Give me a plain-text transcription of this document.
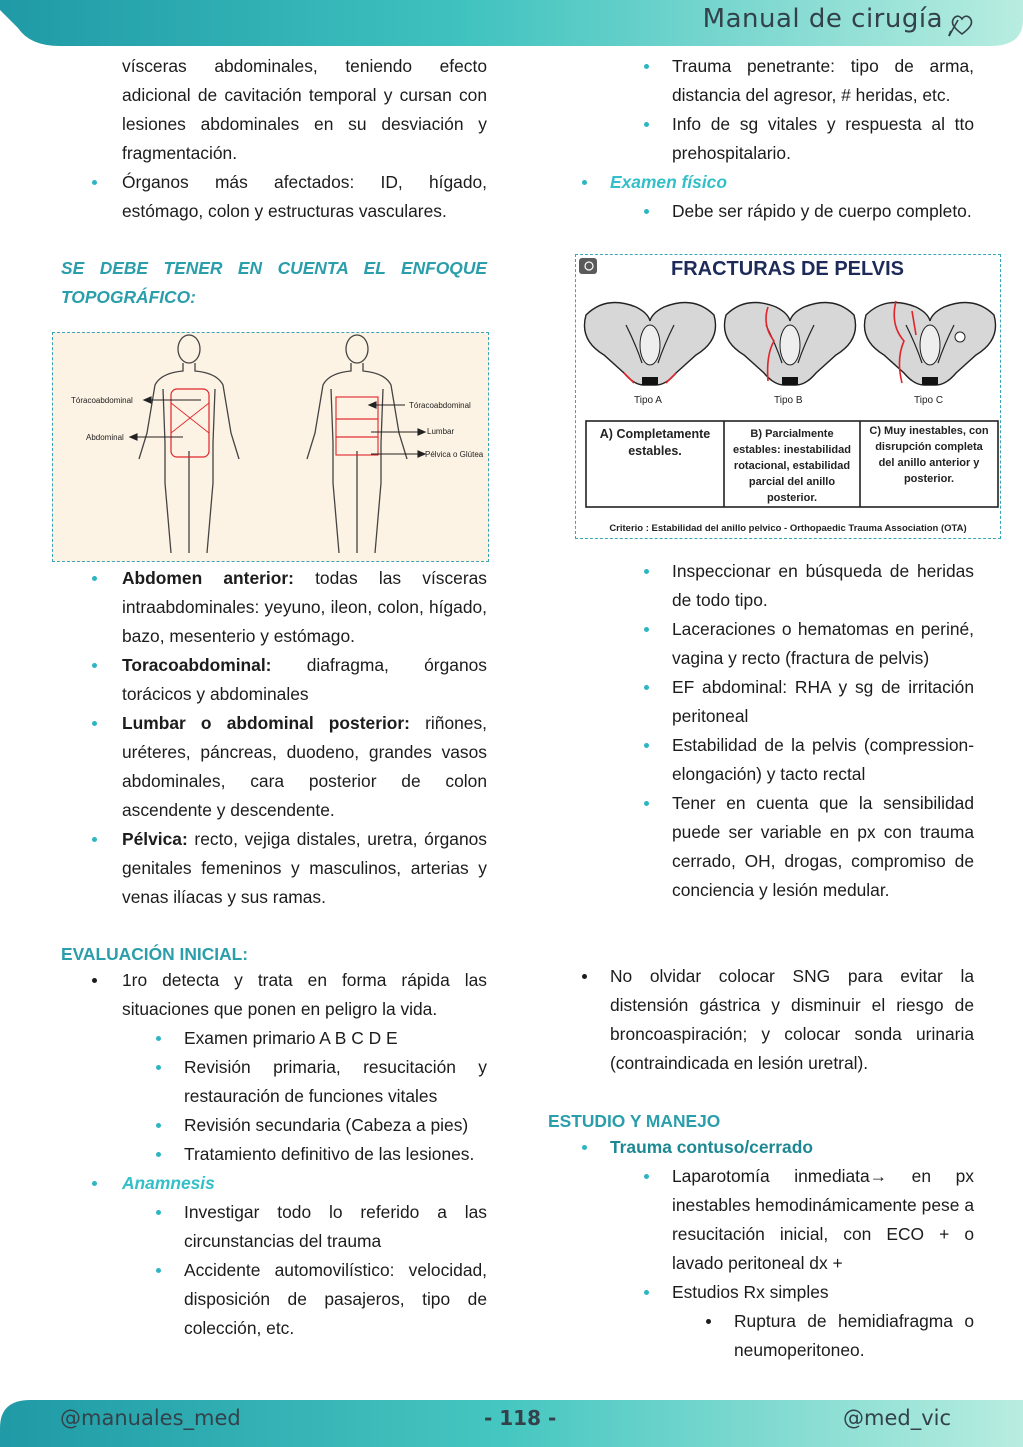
Manual de cirugía
vísceras abdominales, teniendo efecto adicional de cavitación temporal y cursan con lesiones abdominales en su desviación y fragmentación.
Órganos más afectados: ID, hígado, estómago, colon y estructuras vasculares.
SE DEBE TENER EN CUENTA EL ENFOQUE TOPOGRÁFICO:
Tóracoabdominal
Abdominal
Tóracoabdominal
Lumbar
Pélvica o Glútea
Abdomen anterior: todas las vísceras intraabdominales: yeyuno, ileon, colon, hígado, bazo, mesenterio y estómago.
Toracoabdominal: diafragma, órganos torácicos y abdominales
Lumbar o abdominal posterior: riñones, uréteres, páncreas, duodeno, grandes vasos abdominales, cara posterior de colon ascendente y descendente.
Pélvica: recto, vejiga distales, uretra, órganos genitales femeninos y masculinos, arterias y venas ilíacas y sus ramas.
EVALUACIÓN INICIAL:
1ro detecta y trata en forma rápida las situaciones que ponen en peligro la vida.
Examen primario A B C D E
Revisión primaria, resucitación y restauración de funciones vitales
Revisión secundaria (Cabeza a pies)
Tratamiento definitivo de las lesiones.
Anamnesis
Investigar todo lo referido a las circunstancias del trauma
Accidente automovilístico: velocidad, disposición de pasajeros, tipo de colección, etc.
Trauma penetrante: tipo de arma, distancia del agresor, # heridas, etc.
Info de sg vitales y respuesta al tto prehospitalario.
Examen físico
Debe ser rápido y de cuerpo completo.
FRACTURAS DE PELVIS
Tipo A	Tipo B	Tipo C
A) Completamente
estables.
B) Parcialmente
estables: inestabilidad
rotacional, estabilidad
parcial del anillo
posterior.
C) Muy inestables, con
disrupción completa
del anillo anterior y
posterior.
Criterio : Estabilidad del anillo pelvico - Orthopaedic Trauma Association (OTA)
Inspeccionar en búsqueda de heridas de todo tipo.
Laceraciones o hematomas en periné, vagina y recto (fractura de pelvis)
EF abdominal: RHA y sg de irritación peritoneal
Estabilidad de la pelvis (compression-elongación) y tacto rectal
Tener en cuenta que la sensibilidad puede ser variable en px con trauma cerrado, OH, drogas, compromiso de conciencia y lesión medular.
No olvidar colocar SNG para evitar la distensión gástrica y disminuir el riesgo de broncoaspiración; y colocar sonda urinaria (contraindicada en lesión uretral).
ESTUDIO Y MANEJO
Trauma contuso/cerrado
Laparotomía inmediata→ en px inestables hemodinámicamente pese a resucitación inicial, con ECO + o lavado peritoneal dx +
Estudios Rx simples
Ruptura de hemidiafragma o neumoperitoneo.
@manuales_med	- 118 -	@med_vic
